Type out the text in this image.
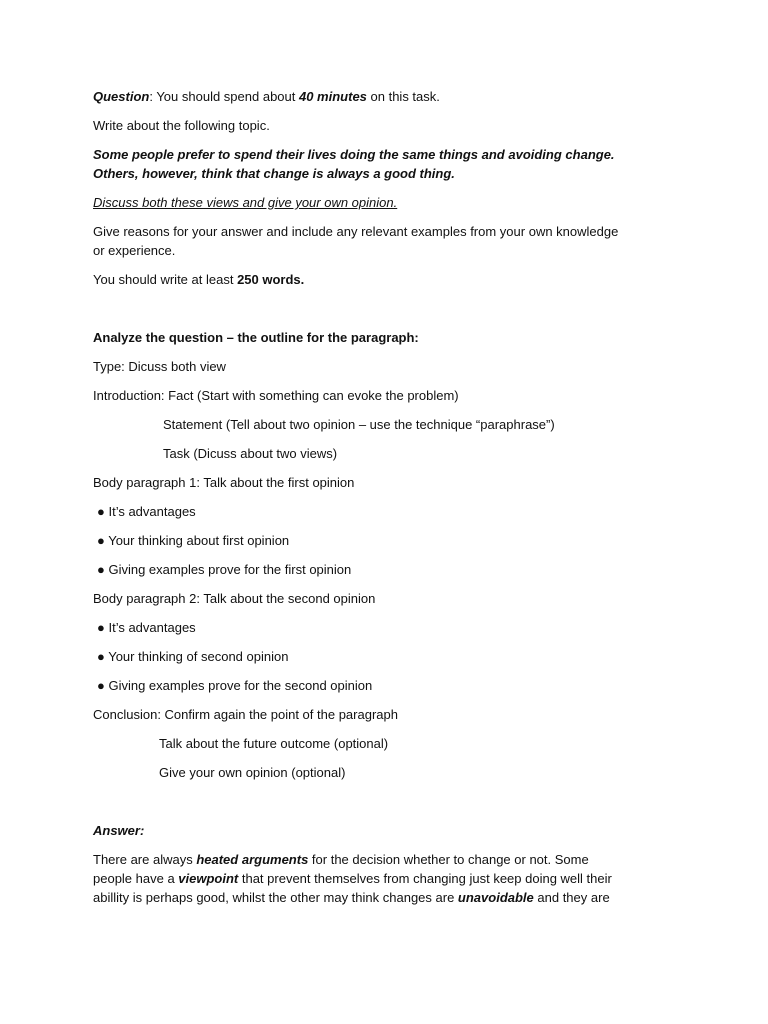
Question: You should spend about 40 minutes on this task.
Write about the following topic.
Some people prefer to spend their lives doing the same things and avoiding change.
Others, however, think that change is always a good thing.
Discuss both these views and give your own opinion.
Give reasons for your answer and include any relevant examples from your own knowledge
or experience.
You should write at least 250 words.
Analyze the question – the outline for the paragraph:
Type: Dicuss both view
Introduction: Fact (Start with something can evoke the problem)
Statement (Tell about two opinion – use the technique “paraphrase”)
Task (Dicuss about two views)
Body paragraph 1: Talk about the first opinion
● It’s advantages
● Your thinking about first opinion
● Giving examples prove for the first opinion
Body paragraph 2: Talk about the second opinion
● It’s advantages
● Your thinking of second opinion
● Giving examples prove for the second opinion
Conclusion: Confirm again the point of the paragraph
Talk about the future outcome (optional)
Give your own opinion (optional)
Answer:
There are always heated arguments for the decision whether to change or not. Some
people have a viewpoint that prevent themselves from changing just keep doing well their
abillity is perhaps good, whilst the other may think changes are unavoidable and they are
